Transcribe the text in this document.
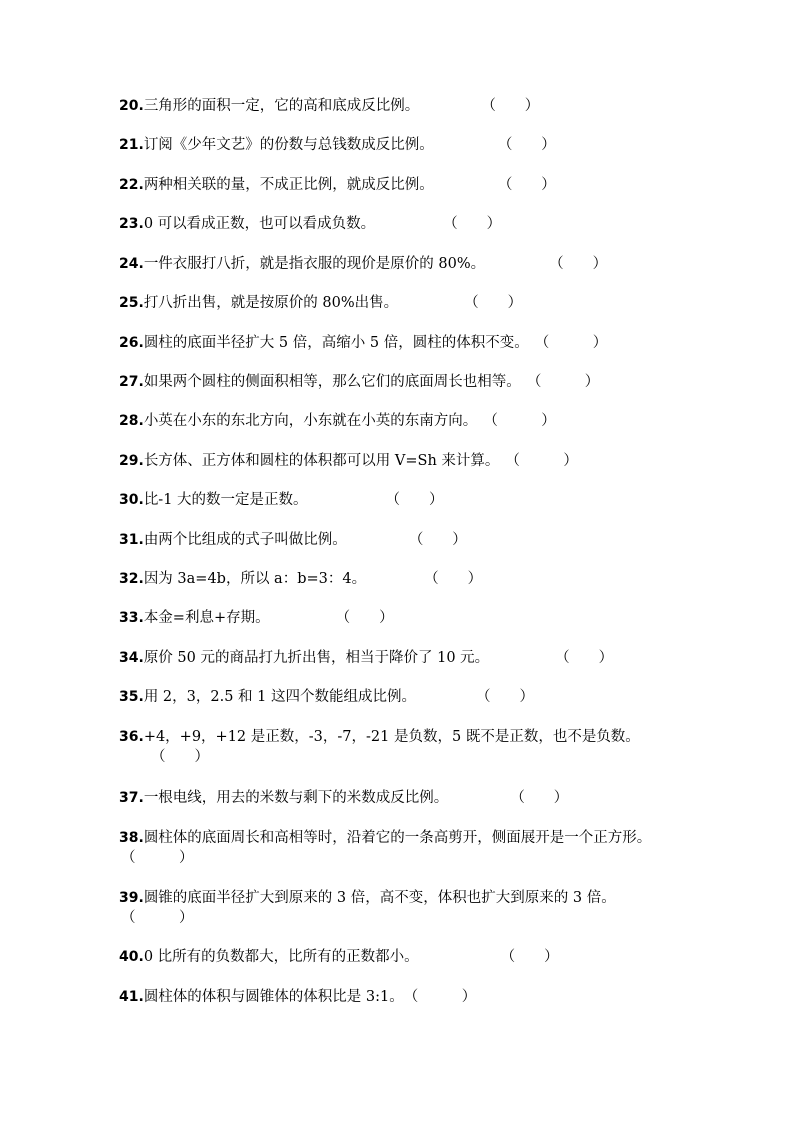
20.三角形的面积一定，它的高和底成反比例。	（　　）
21.订阅《少年文艺》的份数与总钱数成反比例。	（　　）
22.两种相关联的量，不成正比例，就成反比例。	（　　）
23.0 可以看成正数，也可以看成负数。	（　　）
24.一件衣服打八折，就是指衣服的现价是原价的 80%。	（　　）
25.打八折出售，就是按原价的 80%出售。	（　　）
26.圆柱的底面半径扩大 5 倍，高缩小 5 倍，圆柱的体积不变。 （　　　）
27.如果两个圆柱的侧面积相等，那么它们的底面周长也相等。 （　　　）
28.小英在小东的东北方向，小东就在小英的东南方向。 （　　　）
29.长方体、正方体和圆柱的体积都可以用 V=Sh 来计算。 （　　　）
30.比-1 大的数一定是正数。	（　　）
31.由两个比组成的式子叫做比例。	（　　）
32.因为 3a=4b，所以 a：b=3：4。	（　　）
33.本金=利息+存期。	（　　）
34.原价 50 元的商品打九折出售，相当于降价了 10 元。	（　　）
35.用 2，3，2.5 和 1 这四个数能组成比例。	（　　）
36.+4，+9，+12 是正数，-3，-7，-21 是负数，5 既不是正数，也不是负数。（　　）
37.一根电线，用去的米数与剩下的米数成反比例。	（　　）
38.圆柱体的底面周长和高相等时，沿着它的一条高剪开，侧面展开是一个正方形。（　　　）
39.圆锥的底面半径扩大到原来的 3 倍，高不变，体积也扩大到原来的 3 倍。（　　　）
40.0 比所有的负数都大，比所有的正数都小。	（　　）
41.圆柱体的体积与圆锥体的体积比是 3:1。（　　　）
